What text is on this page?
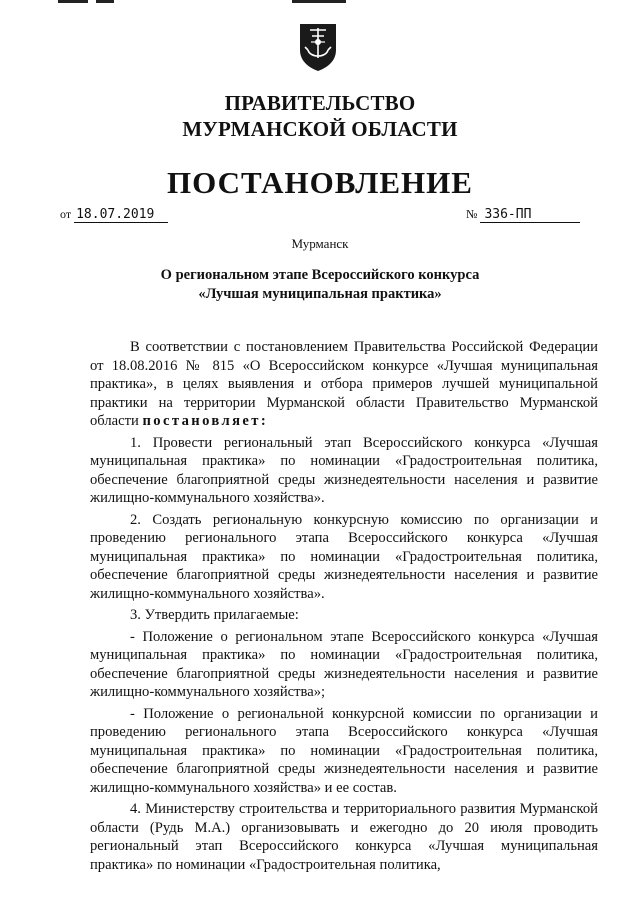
ПРАВИТЕЛЬСТВО
МУРМАНСКОЙ ОБЛАСТИ
ПОСТАНОВЛЕНИЕ
от 18.07.2019	№ 336-ПП
Мурманск
О региональном этапе Всероссийского конкурса
«Лучшая муниципальная практика»

В соответствии с постановлением Правительства Российской Федерации от 18.08.2016 № 815 «О Всероссийском конкурсе «Лучшая муниципальная практика», в целях выявления и отбора примеров лучшей муниципальной практики на территории Мурманской области Правительство Мурманской области постановляет:

1. Провести региональный этап Всероссийского конкурса «Лучшая муниципальная практика» по номинации «Градостроительная политика, обеспечение благоприятной среды жизнедеятельности населения и развитие жилищно-коммунального хозяйства».

2. Создать региональную конкурсную комиссию по организации и проведению регионального этапа Всероссийского конкурса «Лучшая муниципальная практика» по номинации «Градостроительная политика, обеспечение благоприятной среды жизнедеятельности населения и развитие жилищно-коммунального хозяйства».

3. Утвердить прилагаемые:

- Положение о региональном этапе Всероссийского конкурса «Лучшая муниципальная практика» по номинации «Градостроительная политика, обеспечение благоприятной среды жизнедеятельности населения и развитие жилищно-коммунального хозяйства»;

- Положение о региональной конкурсной комиссии по организации и проведению регионального этапа Всероссийского конкурса «Лучшая муниципальная практика» по номинации «Градостроительная политика, обеспечение благоприятной среды жизнедеятельности населения и развитие жилищно-коммунального хозяйства» и ее состав.

4. Министерству строительства и территориального развития Мурманской области (Рудь М.А.) организовывать и ежегодно до 20 июля проводить региональный этап Всероссийского конкурса «Лучшая муниципальная практика» по номинации «Градостроительная политика,
